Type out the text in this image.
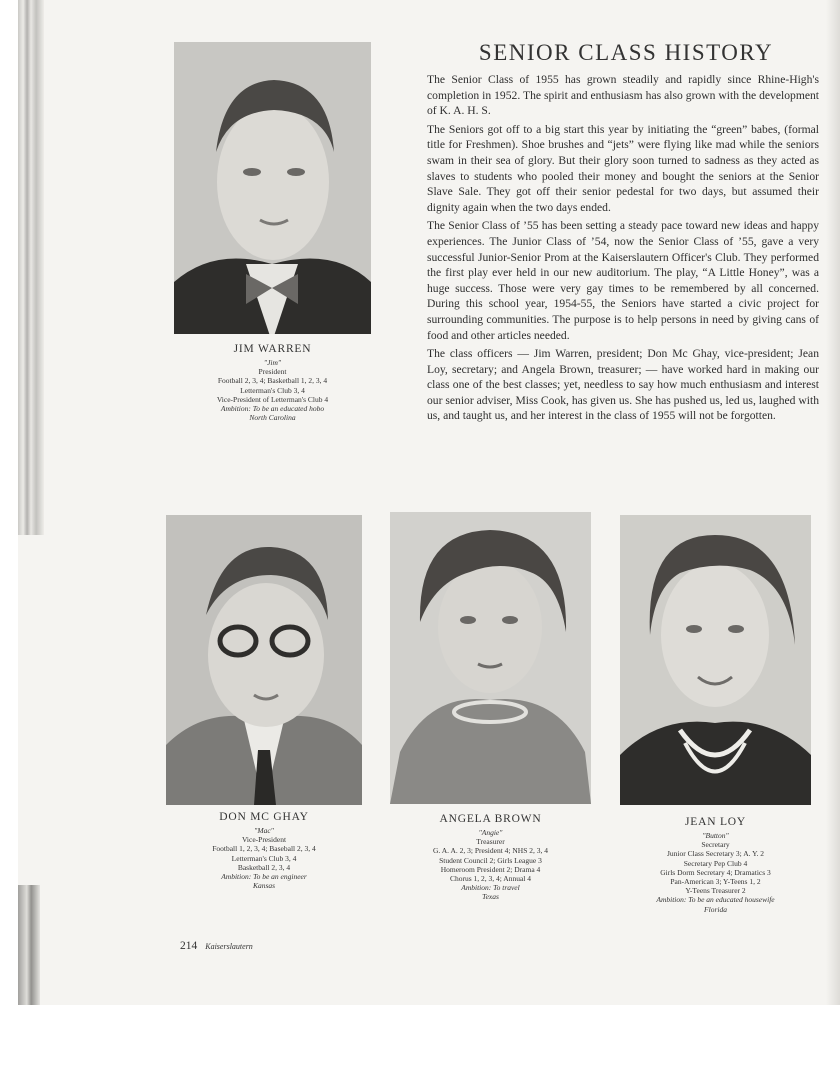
SENIOR CLASS HISTORY

The Senior Class of 1955 has grown steadily and rapidly since Rhine-High's completion in 1952. The spirit and enthusiasm has also grown with the development of K. A. H. S.

The Seniors got off to a big start this year by initiating the “green” babes, (formal title for Freshmen). Shoe brushes and “jets” were flying like mad while the seniors swam in their sea of glory. But their glory soon turned to sadness as they acted as slaves to students who pooled their money and bought the seniors at the Senior Slave Sale. They got off their senior pedestal for two days, but assumed their dignity again when the two days ended.

The Senior Class of ’55 has been setting a steady pace toward new ideas and happy experiences. The Junior Class of ’54, now the Senior Class of ’55, gave a very successful Junior-Senior Prom at the Kaiserslautern Officer's Club. They performed the first play ever held in our new auditorium. The play, “A Little Honey”, was a huge success. Those were very gay times to be remembered by all concerned. During this school year, 1954-55, the Seniors have started a civic project for surrounding communities. The purpose is to help persons in need by giving cans of food and other articles needed.

The class officers — Jim Warren, president; Don Mc Ghay, vice-president; Jean Loy, secretary; and Angela Brown, treasurer; — have worked hard in making our class one of the best classes; yet, needless to say how much enthusiasm and interest our senior adviser, Miss Cook, has given us. She has pushed us, led us, laughed with us, and taught us, and her interest in the class of 1955 will not be forgotten.

JIM WARREN
"Jim"
President
Football 2, 3, 4; Basketball 1, 2, 3, 4
Letterman's Club 3, 4
Vice-President of Letterman's Club 4
Ambition: To be an educated hobo
North Carolina
DON MC GHAY
"Mac"
Vice-President
Football 1, 2, 3, 4; Baseball 2, 3, 4
Letterman's Club 3, 4
Basketball 2, 3, 4
Ambition: To be an engineer
Kansas
ANGELA BROWN
"Angie"
Treasurer
G. A. A. 2, 3; President 4; NHS 2, 3, 4
Student Council 2; Girls League 3
Homeroom President 2; Drama 4
Chorus 1, 2, 3, 4; Annual 4
Ambition: To travel
Texas
JEAN LOY
"Button"
Secretary
Junior Class Secretary 3; A. Y. 2
Secretary Pep Club 4
Girls Dorm Secretary 4; Dramatics 3
Pan-American 3; Y-Teens 1, 2
Y-Teens Treasurer 2
Ambition: To be an educated housewife
Florida
214 Kaiserslautern
